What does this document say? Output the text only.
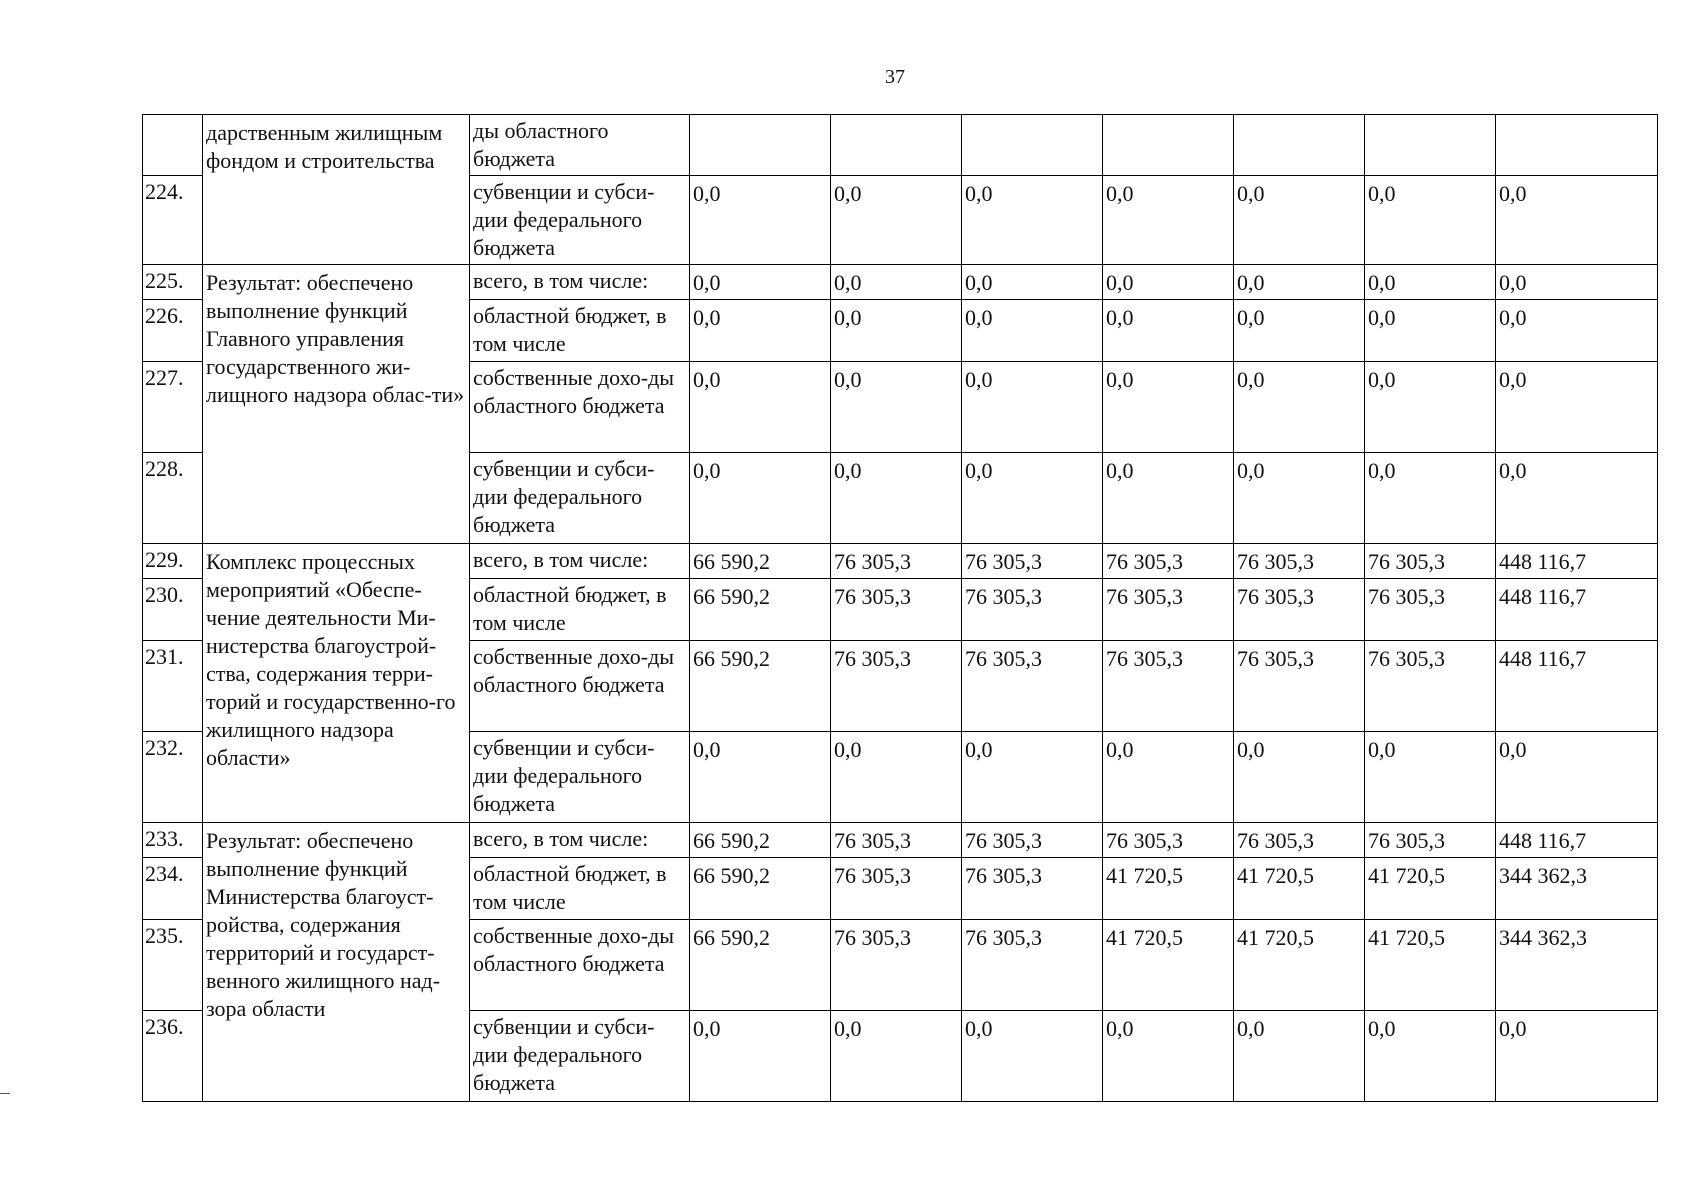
37
	дарственным жилищным фондом и строительства	ды областного бюджета							
224.		субвенции и субси-дии федерального бюджета	0,0	0,0	0,0	0,0	0,0	0,0	0,0
225.	Результат: обеспечено выполнение функций Главного управления государственного жи-лищного надзора облас-ти»	всего, в том числе:	0,0	0,0	0,0	0,0	0,0	0,0	0,0
226.		областной бюджет, в том числе	0,0	0,0	0,0	0,0	0,0	0,0	0,0
227.		собственные дохо-ды областного бюджета	0,0	0,0	0,0	0,0	0,0	0,0	0,0
228.		субвенции и субси-дии федерального бюджета	0,0	0,0	0,0	0,0	0,0	0,0	0,0
229.	Комплекс процессных мероприятий «Обеспе-чение деятельности Ми-нистерства благоустрой-ства, содержания терри-торий и государственно-го жилищного надзора области»	всего, в том числе:	66 590,2	76 305,3	76 305,3	76 305,3	76 305,3	76 305,3	448 116,7
230.		областной бюджет, в том числе	66 590,2	76 305,3	76 305,3	76 305,3	76 305,3	76 305,3	448 116,7
231.		собственные дохо-ды областного бюджета	66 590,2	76 305,3	76 305,3	76 305,3	76 305,3	76 305,3	448 116,7
232.		субвенции и субси-дии федерального бюджета	0,0	0,0	0,0	0,0	0,0	0,0	0,0
233.	Результат: обеспечено выполнение функций Министерства благоуст-ройства, содержания территорий и государст-венного жилищного над-зора области	всего, в том числе:	66 590,2	76 305,3	76 305,3	76 305,3	76 305,3	76 305,3	448 116,7
234.		областной бюджет, в том числе	66 590,2	76 305,3	76 305,3	41 720,5	41 720,5	41 720,5	344 362,3
235.		собственные дохо-ды областного бюджета	66 590,2	76 305,3	76 305,3	41 720,5	41 720,5	41 720,5	344 362,3
236.		субвенции и субси-дии федерального бюджета	0,0	0,0	0,0	0,0	0,0	0,0	0,0
